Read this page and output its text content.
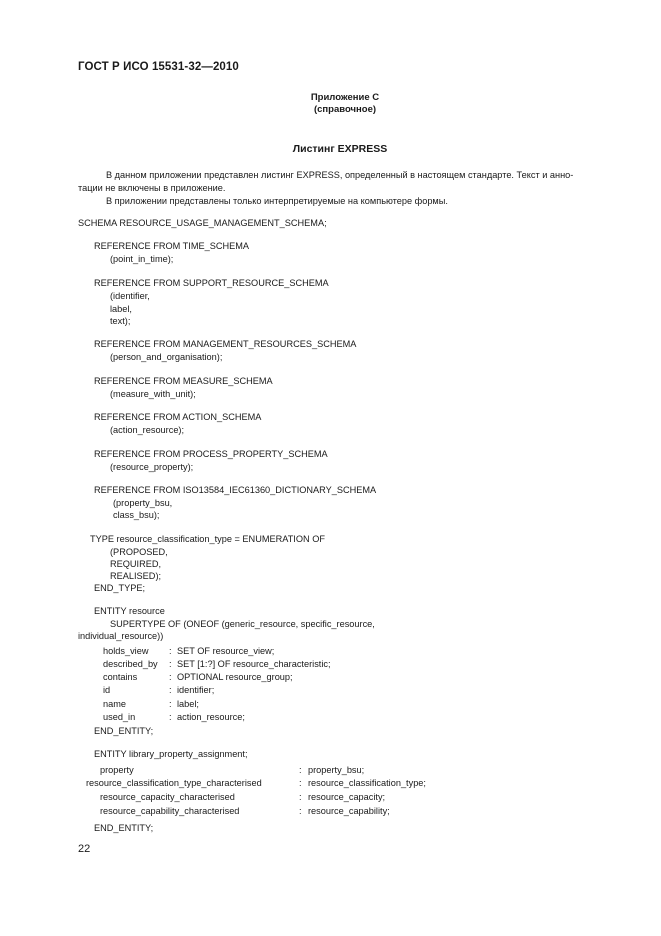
ГОСТ Р ИСО 15531-32—2010
Приложение С
(справочное)
Листинг EXPRESS
В данном приложении представлен листинг EXPRESS, определенный в настоящем стандарте. Текст и анно-
тации не включены в приложение.
В приложении представлены только интерпретируемые на компьютере формы.
SCHEMA RESOURCE_USAGE_MANAGEMENT_SCHEMA;
REFERENCE FROM TIME_SCHEMA
(point_in_time);
REFERENCE FROM SUPPORT_RESOURCE_SCHEMA
(identifier,
label,
text);
REFERENCE FROM MANAGEMENT_RESOURCES_SCHEMA
(person_and_organisation);
REFERENCE FROM MEASURE_SCHEMA
(measure_with_unit);
REFERENCE FROM ACTION_SCHEMA
(action_resource);
REFERENCE FROM PROCESS_PROPERTY_SCHEMA
(resource_property);
REFERENCE FROM ISO13584_IEC61360_DICTIONARY_SCHEMA
(property_bsu,
class_bsu);
TYPE resource_classification_type = ENUMERATION OF
(PROPOSED,
REQUIRED,
REALISED);
END_TYPE;
ENTITY resource
SUPERTYPE OF (ONEOF (generic_resource, specific_resource,
individual_resource))
holds_view : SET OF resource_view;
described_by : SET [1:?] OF resource_characteristic;
contains	: OPTIONAL resource_group;
id	: identifier;
name	: label;
used_in	: action_resource;
END_ENTITY;
ENTITY library_property_assignment;
property	: property_bsu;
resource_classification_type_characterised	: resource_classification_type;
resource_capacity_characterised	: resource_capacity;
resource_capability_characterised	: resource_capability;
END_ENTITY;
22
